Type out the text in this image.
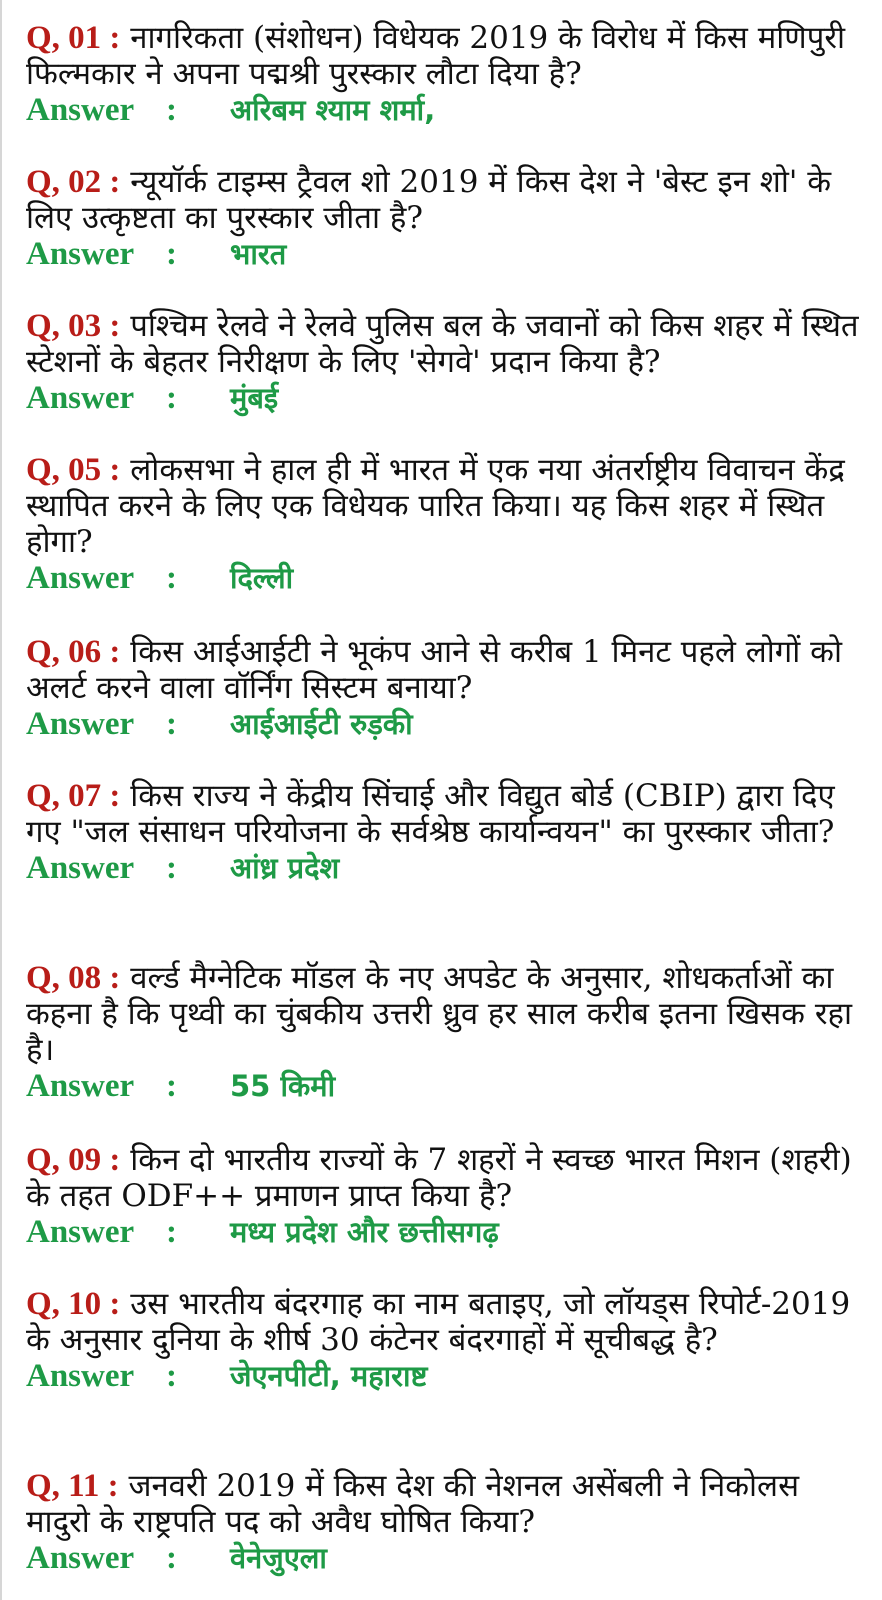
Q, 01 : नागरिकता (संशोधन) विधेयक 2019 के विरोध में किस मणिपुरी फिल्मकार ने अपना पद्मश्री पुरस्कार लौटा दिया है?

Answer : अरिबम श्याम शर्मा,

Q, 02 : न्यूयॉर्क टाइम्स ट्रैवल शो 2019 में किस देश ने 'बेस्ट इन शो' के लिए उत्कृष्टता का पुरस्कार जीता है?

Answer : भारत

Q, 03 : पश्चिम रेलवे ने रेलवे पुलिस बल के जवानों को किस शहर में स्थित स्टेशनों के बेहतर निरीक्षण के लिए 'सेगवे' प्रदान किया है?

Answer : मुंबई

Q, 05 : लोकसभा ने हाल ही में भारत में एक नया अंतर्राष्ट्रीय विवाचन केंद्र स्थापित करने के लिए एक विधेयक पारित किया। यह किस शहर में स्थित होगा?

Answer : दिल्ली

Q, 06 : किस आईआईटी ने भूकंप आने से करीब 1 मिनट पहले लोगों को अलर्ट करने वाला वॉर्निंग सिस्टम बनाया?

Answer : आईआईटी रुड़की

Q, 07 : किस राज्य ने केंद्रीय सिंचाई और विद्युत बोर्ड (CBIP) द्वारा दिए गए "जल संसाधन परियोजना के सर्वश्रेष्ठ कार्यान्वयन" का पुरस्कार जीता?

Answer : आंध्र प्रदेश

Q, 08 : वर्ल्ड मैग्नेटिक मॉडल के नए अपडेट के अनुसार, शोधकर्ताओं का कहना है कि पृथ्वी का चुंबकीय उत्तरी ध्रुव हर साल करीब इतना खिसक रहा है।

Answer : 55 किमी

Q, 09 : किन दो भारतीय राज्यों के 7 शहरों ने स्वच्छ भारत मिशन (शहरी) के तहत ODF++ प्रमाणन प्राप्त किया है?

Answer : मध्य प्रदेश और छत्तीसगढ़

Q, 10 : उस भारतीय बंदरगाह का नाम बताइए, जो लॉयड्स रिपोर्ट-2019 के अनुसार दुनिया के शीर्ष 30 कंटेनर बंदरगाहों में सूचीबद्ध है?

Answer : जेएनपीटी, महाराष्ट

Q, 11 : जनवरी 2019 में किस देश की नेशनल असेंबली ने निकोलस मादुरो के राष्ट्रपति पद को अवैध घोषित किया?

Answer : वेनेजुएला
